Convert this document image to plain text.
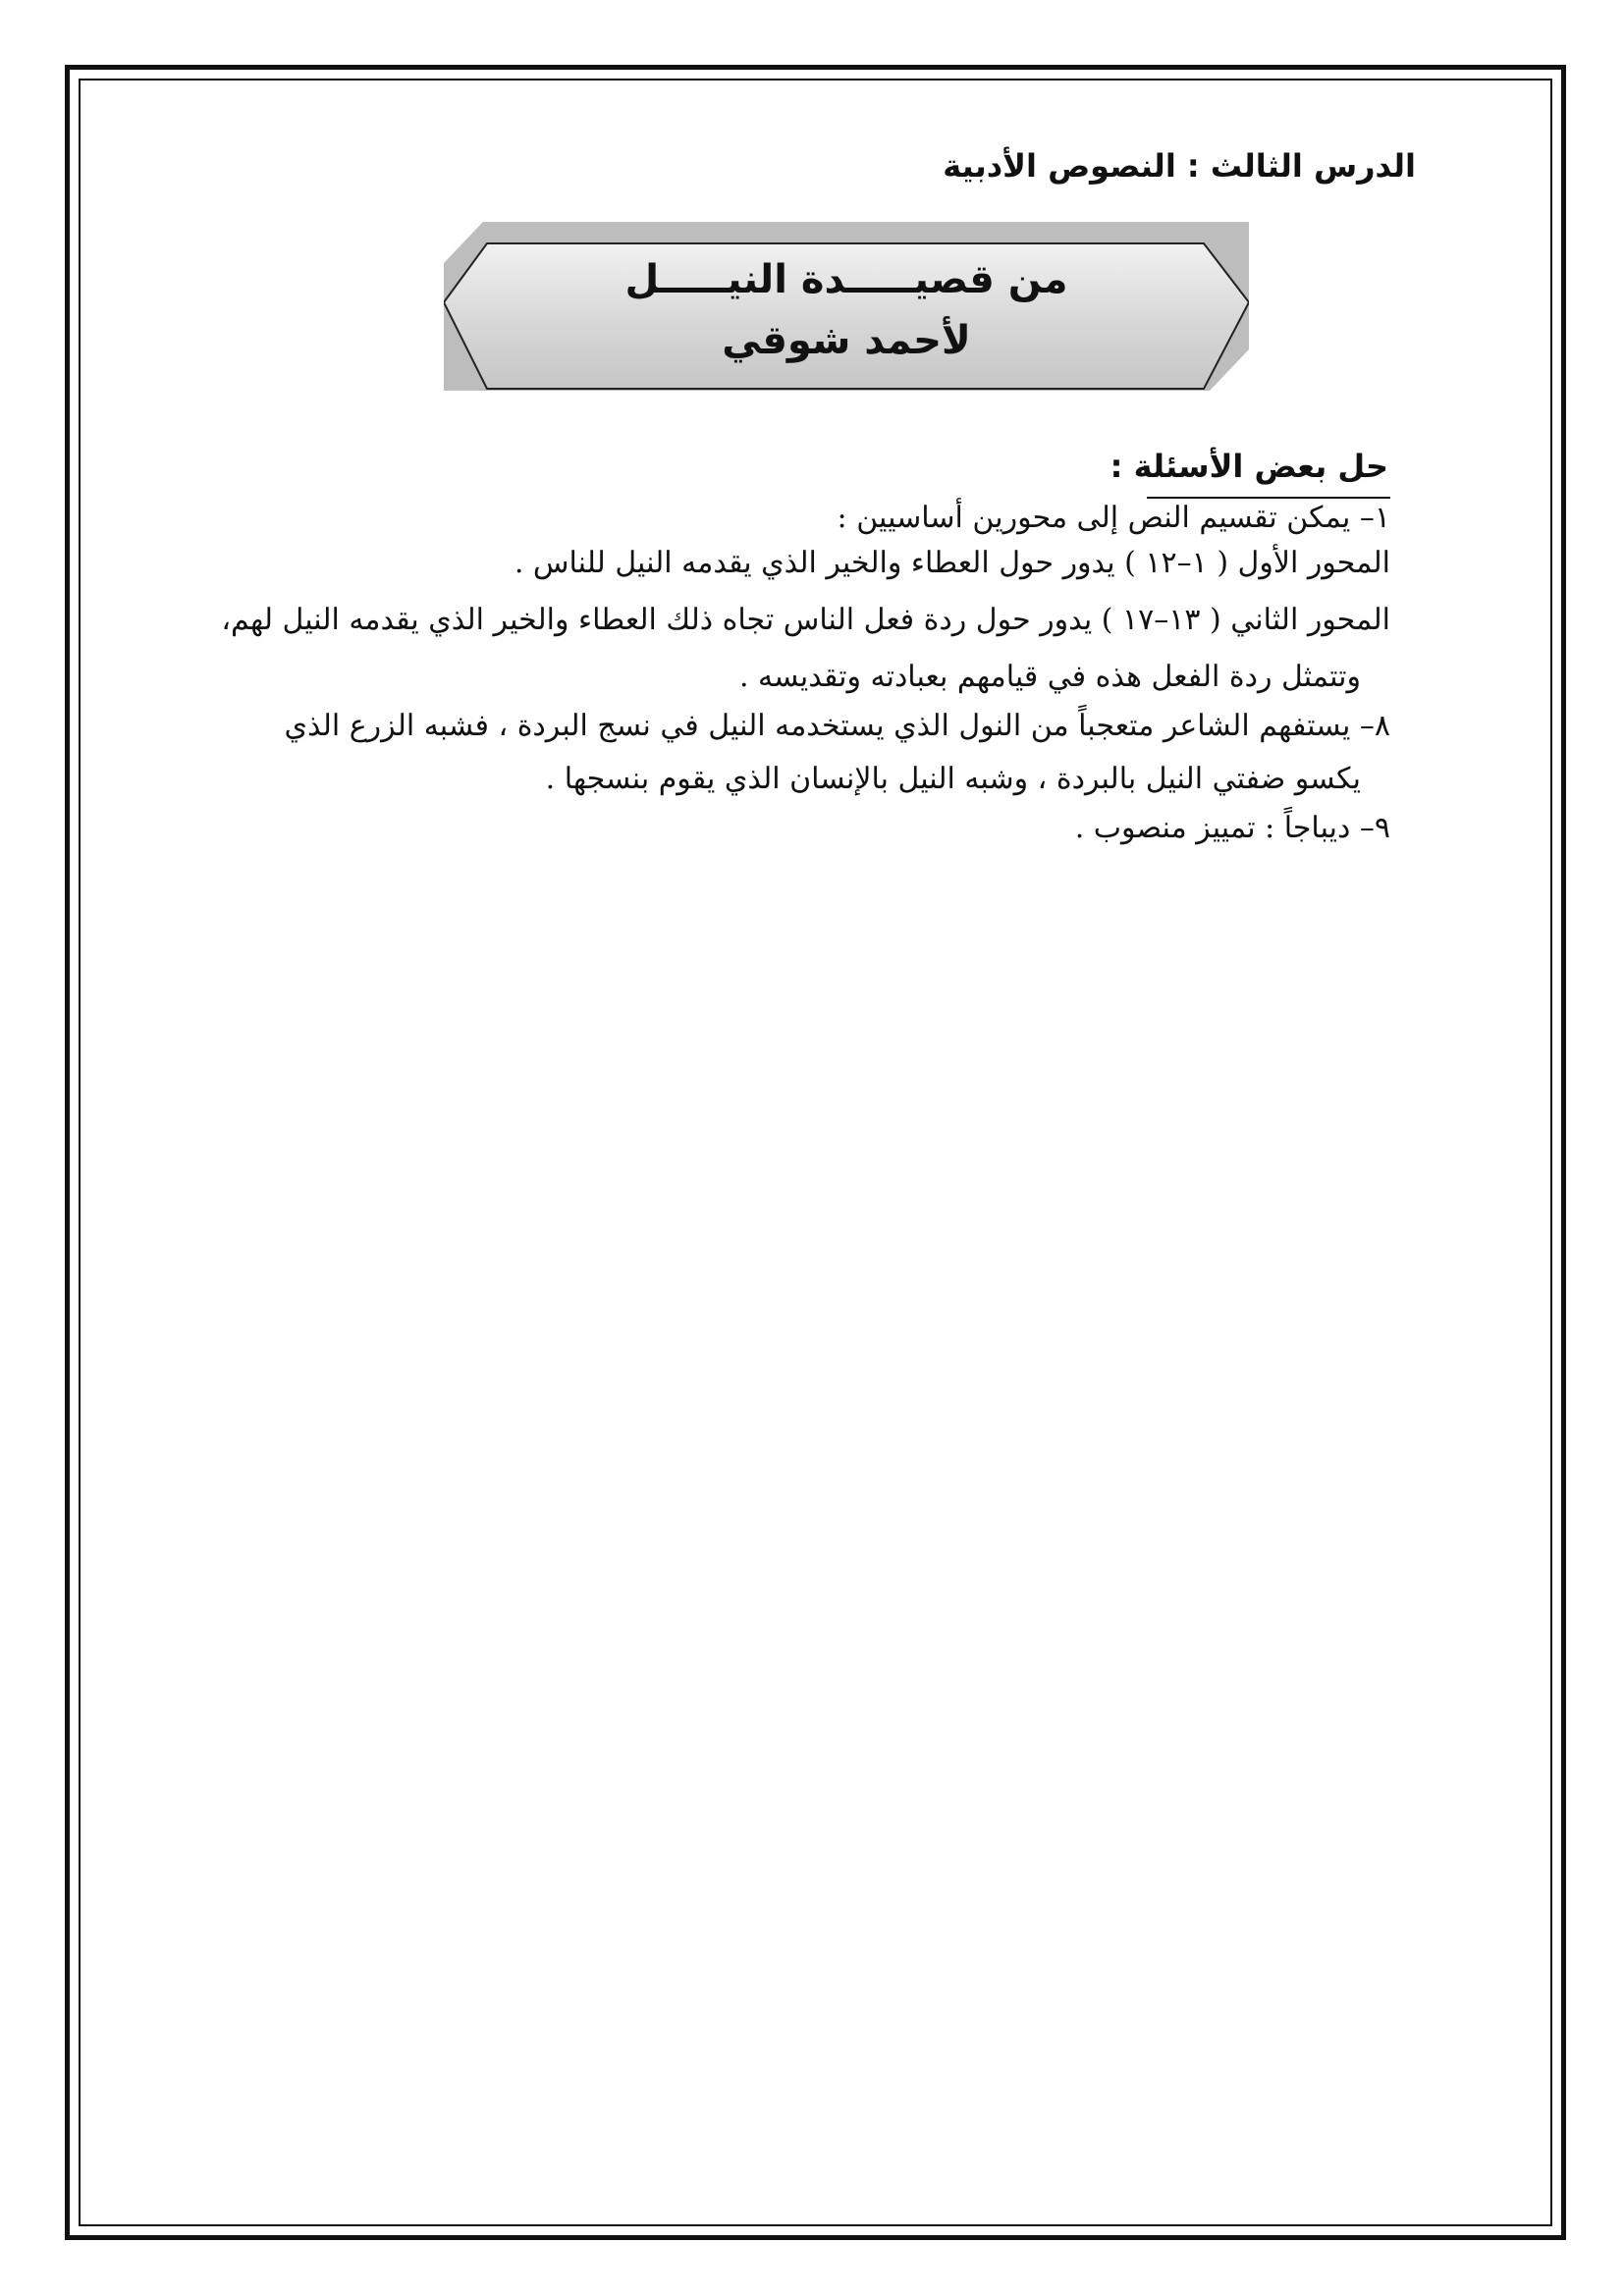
الدرس الثالث : النصوص الأدبية
من قصيـــــدة النيـــــل
لأحمد شوقي
حل بعض الأسئلة :
١– يمكن تقسيم النص إلى محورين أساسيين :
المحور الأول ( ١–١٢ ) يدور حول العطاء والخير الذي يقدمه النيل للناس .
المحور الثاني ( ١٣–١٧ ) يدور حول ردة فعل الناس تجاه ذلك العطاء والخير الذي يقدمه النيل لهم،
وتتمثل ردة الفعل هذه في قيامهم بعبادته وتقديسه .
٨– يستفهم الشاعر متعجباً من النول الذي يستخدمه النيل في نسج البردة ، فشبه الزرع الذي
يكسو ضفتي النيل بالبردة ، وشبه النيل بالإنسان الذي يقوم بنسجها .
٩– ديباجاً : تمييز منصوب .
